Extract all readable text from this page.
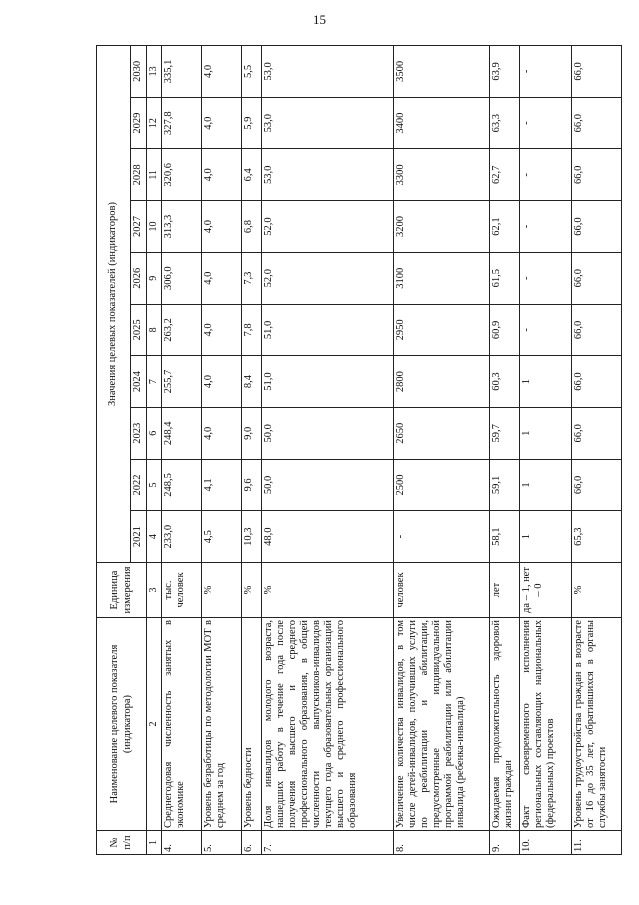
15
№ п/п	Наименование целевого показателя (индикатора)	Единица измерения	Значения целевых показателей (индикаторов)									
			2021	2022	2023	2024	2025	2026	2027	2028	2029	2030
1	2	3	4	5	6	7	8	9	10	11	12	13
4.	Среднегодовая численность занятых в экономике	тыс. человек	233,0	248,5	248,4	255,7	263,2	306,0	313,3	320,6	327,8	335,1
5.	Уровень безработицы по методологии МОТ в среднем за год	%	4,5	4,1	4,0	4,0	4,0	4,0	4,0	4,0	4,0	4,0
6.	Уровень бедности	%	10,3	9,6	9,0	8,4	7,8	7,3	6,8	6,4	5,9	5,5
7.	Доля инвалидов молодого возраста, нашедших работу в течение года после получения высшего и среднего профессионального образования, в общей численности выпускников-инвалидов текущего года образовательных организаций высшего и среднего профессионального образования	%	48,0	50,0	50,0	51,0	51,0	52,0	52,0	53,0	53,0	53,0
8.	Увеличение количества инвалидов, в том числе детей-инвалидов, получивших услуги по реабилитации и абилитации, предусмотренные индивидуальной программой реабилитации или абилитации инвалида (ребенка-инвалида)	человек	-	2500	2650	2800	2950	3100	3200	3300	3400	3500
9.	Ожидаемая продолжительность здоровой жизни граждан	лет	58,1	59,1	59,7	60,3	60,9	61,5	62,1	62,7	63,3	63,9
10.	Факт своевременного исполнения региональных составляющих национальных (федеральных) проектов	да – 1, нет – 0	1	1	1	1	-	-	-	-	-	-
11.	Уровень трудоустройства граждан в возрасте от 16 до 35 лет, обратившихся в органы службы занятости	%	65,3	66,0	66,0	66,0	66,0	66,0	66,0	66,0	66,0	66,0
